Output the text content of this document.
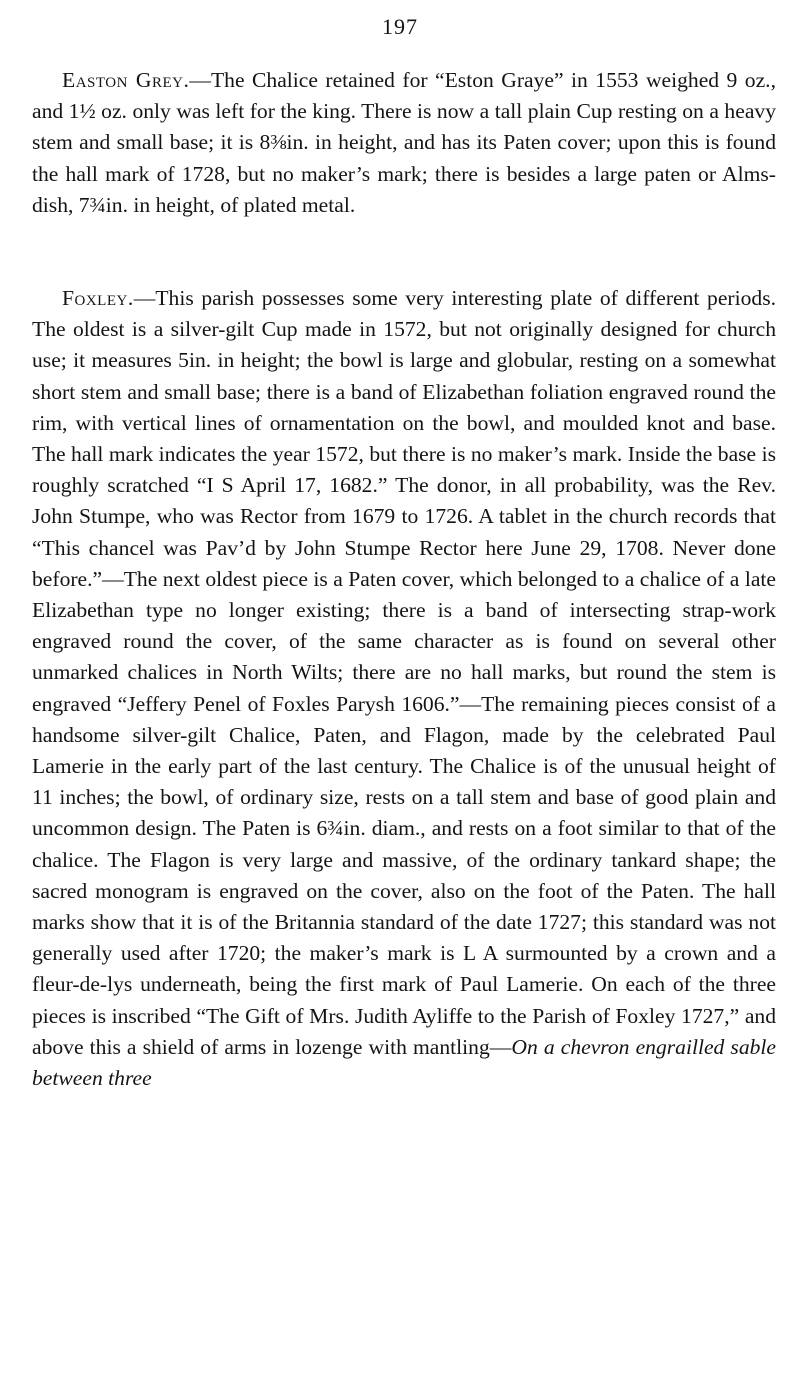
197

Easton Grey.—The Chalice retained for “Eston Graye” in 1553 weighed 9 oz., and 1½ oz. only was left for the king. There is now a tall plain Cup resting on a heavy stem and small base; it is 8⅜in. in height, and has its Paten cover; upon this is found the hall mark of 1728, but no maker’s mark; there is besides a large paten or Alms-dish, 7¾in. in height, of plated metal.

Foxley.—This parish possesses some very interesting plate of different periods. The oldest is a silver-gilt Cup made in 1572, but not originally designed for church use; it measures 5in. in height; the bowl is large and globular, resting on a somewhat short stem and small base; there is a band of Elizabethan foliation engraved round the rim, with vertical lines of ornamentation on the bowl, and moulded knot and base. The hall mark indicates the year 1572, but there is no maker’s mark. Inside the base is roughly scratched “I S April 17, 1682.” The donor, in all probability, was the Rev. John Stumpe, who was Rector from 1679 to 1726. A tablet in the church records that “This chancel was Pav’d by John Stumpe Rector here June 29, 1708. Never done before.”—The next oldest piece is a Paten cover, which belonged to a chalice of a late Elizabethan type no longer existing; there is a band of intersecting strap-work engraved round the cover, of the same character as is found on several other unmarked chalices in North Wilts; there are no hall marks, but round the stem is engraved “Jeffery Penel of Foxles Parysh 1606.”—The remaining pieces consist of a handsome silver-gilt Chalice, Paten, and Flagon, made by the celebrated Paul Lamerie in the early part of the last century. The Chalice is of the unusual height of 11 inches; the bowl, of ordinary size, rests on a tall stem and base of good plain and uncommon design. The Paten is 6¾in. diam., and rests on a foot similar to that of the chalice. The Flagon is very large and massive, of the ordinary tankard shape; the sacred monogram is engraved on the cover, also on the foot of the Paten. The hall marks show that it is of the Britannia standard of the date 1727; this standard was not generally used after 1720; the maker’s mark is L A surmounted by a crown and a fleur-de-lys underneath, being the first mark of Paul Lamerie. On each of the three pieces is inscribed “The Gift of Mrs. Judith Ayliffe to the Parish of Foxley 1727,” and above this a shield of arms in lozenge with mantling—On a chevron engrailled sable between three
